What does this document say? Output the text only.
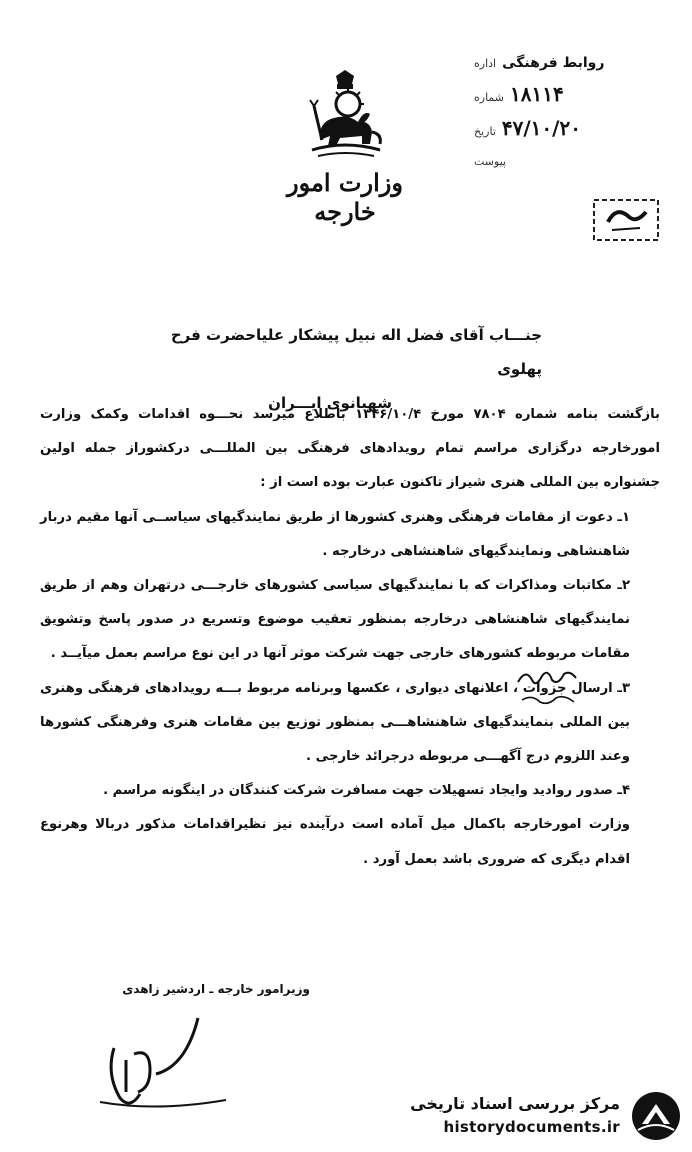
وزارت امور خارجه
اداره روابط فرهنگی
شماره ۱۸۱۱۴
تاریخ ۴۷/۱۰/۲۰
پیوست
جنـــاب آقای فضل اله نبیل پیشکار علیاحضرت فرح پهلوی
شهبانوی ایـــران

بازگشت بنامه شماره ۷۸۰۴ مورخ ۱۳۴۶/۱۰/۴ باطلاع میرسد نحـــوه اقدامات وکمک وزارت امورخارجه درگزاری مراسم تمام رویدادهای فرهنگی بین المللـــی درکشوراز جمله اولین جشنواره بین المللی هنری شیراز تاکنون عبارت بوده است از :

۱ـ دعوت از مقامات فرهنگی وهنری کشورها از طریق نمایندگیهای سیاســی آنها مقیم دربار شاهنشاهی ونمایندگیهای شاهنشاهی درخارجه .

۲ـ مکاتبات ومذاکرات که با نمایندگیهای سیاسی کشورهای خارجـــی درتهران وهم از طریق نمایندگیهای شاهنشاهی درخارجه بمنظور تعقیب موضوع وتسریع در صدور پاسخ وتشویق مقامات مربوطه کشورهای خارجی جهت شرکت موثر آنها در این نوع مراسم بعمل میآیــد .

۳ـ ارسال جزوات ، اعلانهای دیواری ، عکسها وبرنامه مربوط بـــه رویدادهای فرهنگی وهنری بین المللی بنمایندگیهای شاهنشاهـــی بمنظور توزیع بین مقامات هنری وفرهنگی کشورها وعند اللزوم درج آگهـــی مربوطه درجرائد خارجی .

۴ـ صدور روادید وایجاد تسهیلات جهت مسافرت شرکت کنندگان در اینگونه مراسم .

وزارت امورخارجه باکمال میل آماده است درآینده نیز نظیراقدامات مذکور دربالا وهرنوع اقدام دیگری که ضروری باشد بعمل آورد .

وزیرامور خارجه ـ اردشیر زاهدی
مرکز بررسی اسناد تاریخی
historydocuments.ir
